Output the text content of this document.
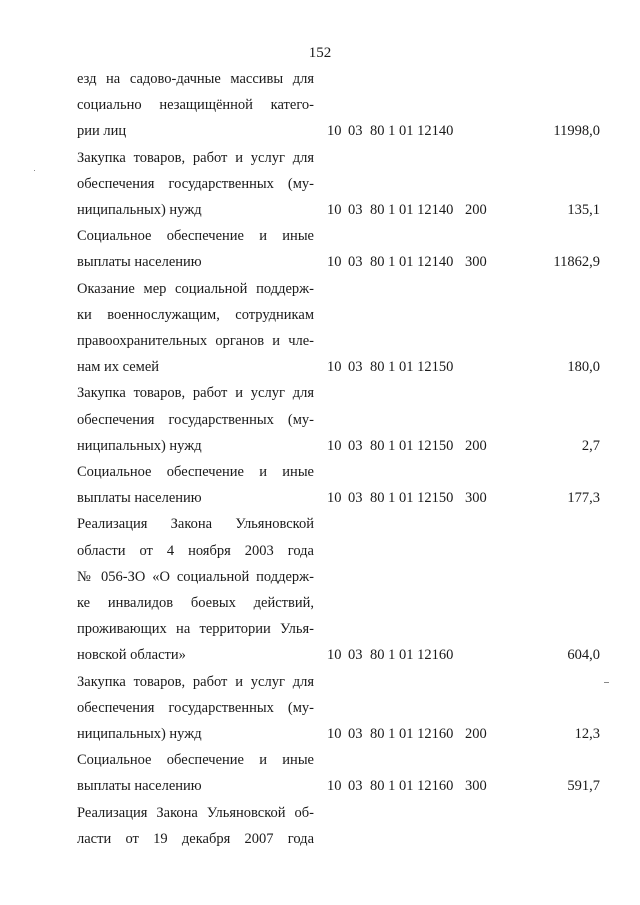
152
езд на садово-дачные массивы для
социально незащищённой катего-
рии лиц	10 03 80 1 01 12140	11998,0
Закупка товаров, работ и услуг для
обеспечения государственных (му-
ниципальных) нужд	10 03 80 1 01 12140 200	135,1
Социальное обеспечение и иные
выплаты населению	10 03 80 1 01 12140 300	11862,9
Оказание мер социальной поддерж-
ки военнослужащим, сотрудникам
правоохранительных органов и чле-
нам их семей	10 03 80 1 01 12150	180,0
Закупка товаров, работ и услуг для
обеспечения государственных (му-
ниципальных) нужд	10 03 80 1 01 12150 200	2,7
Социальное обеспечение и иные
выплаты населению	10 03 80 1 01 12150 300	177,3
Реализация Закона Ульяновской
области от 4 ноября 2003 года
№ 056-ЗО «О социальной поддерж-
ке инвалидов боевых действий,
проживающих на территории Улья-
новской области»	10 03 80 1 01 12160	604,0
Закупка товаров, работ и услуг для
обеспечения государственных (му-
ниципальных) нужд	10 03 80 1 01 12160 200	12,3
Социальное обеспечение и иные
выплаты населению	10 03 80 1 01 12160 300	591,7
Реализация Закона Ульяновской об-
ласти от 19 декабря 2007 года
